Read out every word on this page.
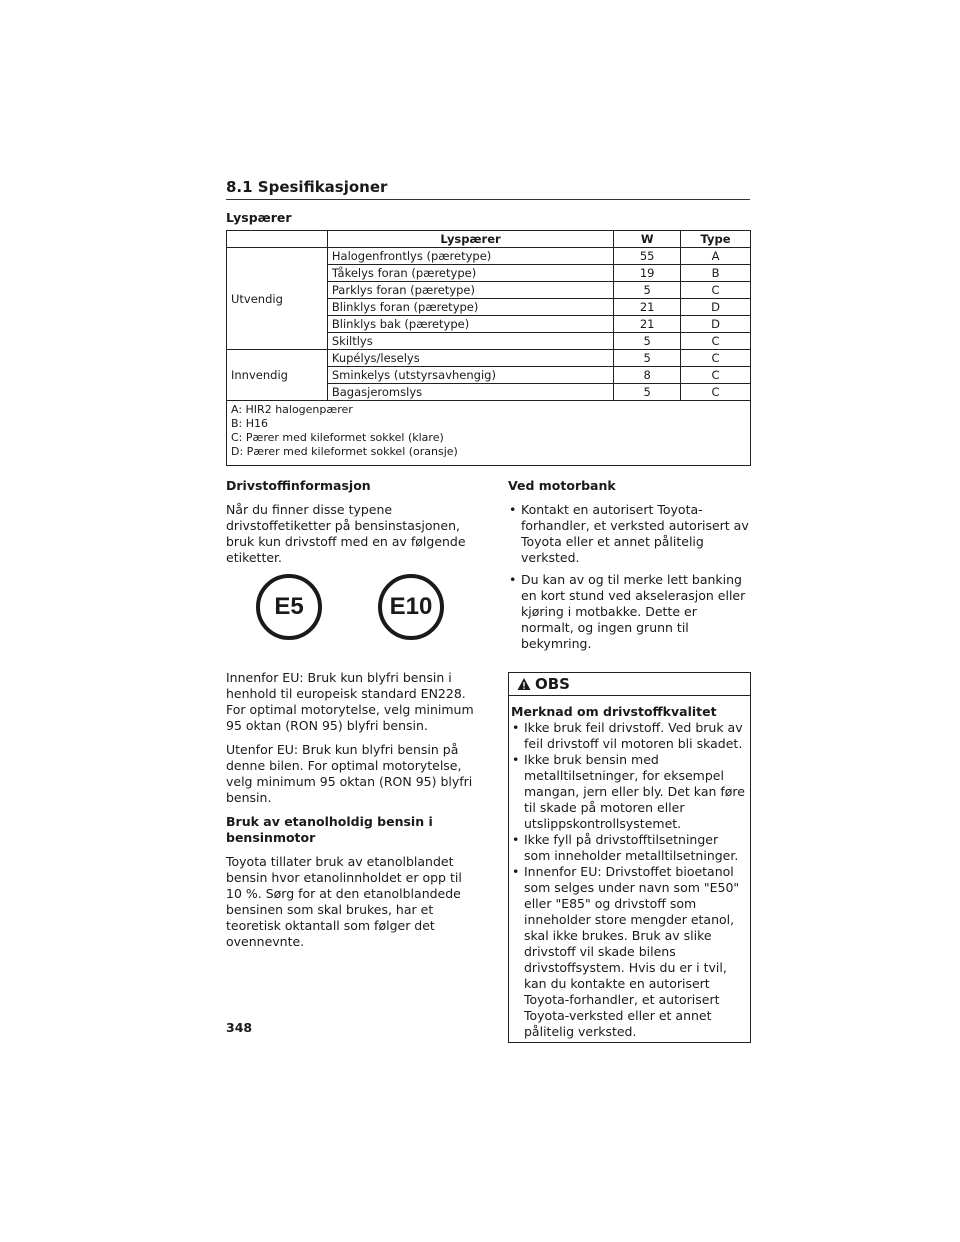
8.1 Spesifikasjoner
Lyspærer
	Lyspærer	W	Type
Utvendig	Halogenfrontlys (pæretype)	55	A
	Tåkelys foran (pæretype)	19	B
	Parklys foran (pæretype)	5	C
	Blinklys foran (pæretype)	21	D
	Blinklys bak (pæretype)	21	D
	Skiltlys	5	C
Innvendig	Kupélys/leselys	5	C
	Sminkelys (utstyrsavhengig)	8	C
	Bagasjeromslys	5	C

A: HIR2 halogenpærer
B: H16
C: Pærer med kileformet sokkel (klare)
D: Pærer med kileformet sokkel (oransje)			
Drivstoffinformasjon

Når du finner disse typene drivstoffetiketter på bensinstasjonen, bruk kun drivstoff med en av følgende etiketter.

E5	E10

Innenfor EU: Bruk kun blyfri bensin i henhold til europeisk standard EN228. For optimal motorytelse, velg minimum 95 oktan (RON 95) blyfri bensin.

Utenfor EU: Bruk kun blyfri bensin på denne bilen. For optimal motorytelse, velg minimum 95 oktan (RON 95) blyfri bensin.

Bruk av etanolholdig bensin i bensinmotor

Toyota tillater bruk av etanolblandet bensin hvor etanolinnholdet er opp til 10 %. Sørg for at den etanolblandede bensinen som skal brukes, har et teoretisk oktantall som følger det ovennevnte.

Ved motorbank
• Kontakt en autorisert Toyota-forhandler, et verksted autorisert av Toyota eller et annet pålitelig verksted.
• Du kan av og til merke lett banking en kort stund ved akselerasjon eller kjøring i motbakke. Dette er normalt, og ingen grunn til bekymring.
OBS
Merknad om drivstoffkvalitet
• Ikke bruk feil drivstoff. Ved bruk av feil drivstoff vil motoren bli skadet.
• Ikke bruk bensin med metalltilsetninger, for eksempel mangan, jern eller bly. Det kan føre til skade på motoren eller utslippskontrollsystemet.
• Ikke fyll på drivstofftilsetninger som inneholder metalltilsetninger.
• Innenfor EU: Drivstoffet bioetanol som selges under navn som "E50" eller "E85" og drivstoff som inneholder store mengder etanol, skal ikke brukes. Bruk av slike drivstoff vil skade bilens drivstoffsystem. Hvis du er i tvil, kan du kontakte en autorisert Toyota-forhandler, et autorisert Toyota-verksted eller et annet pålitelig verksted.
348
